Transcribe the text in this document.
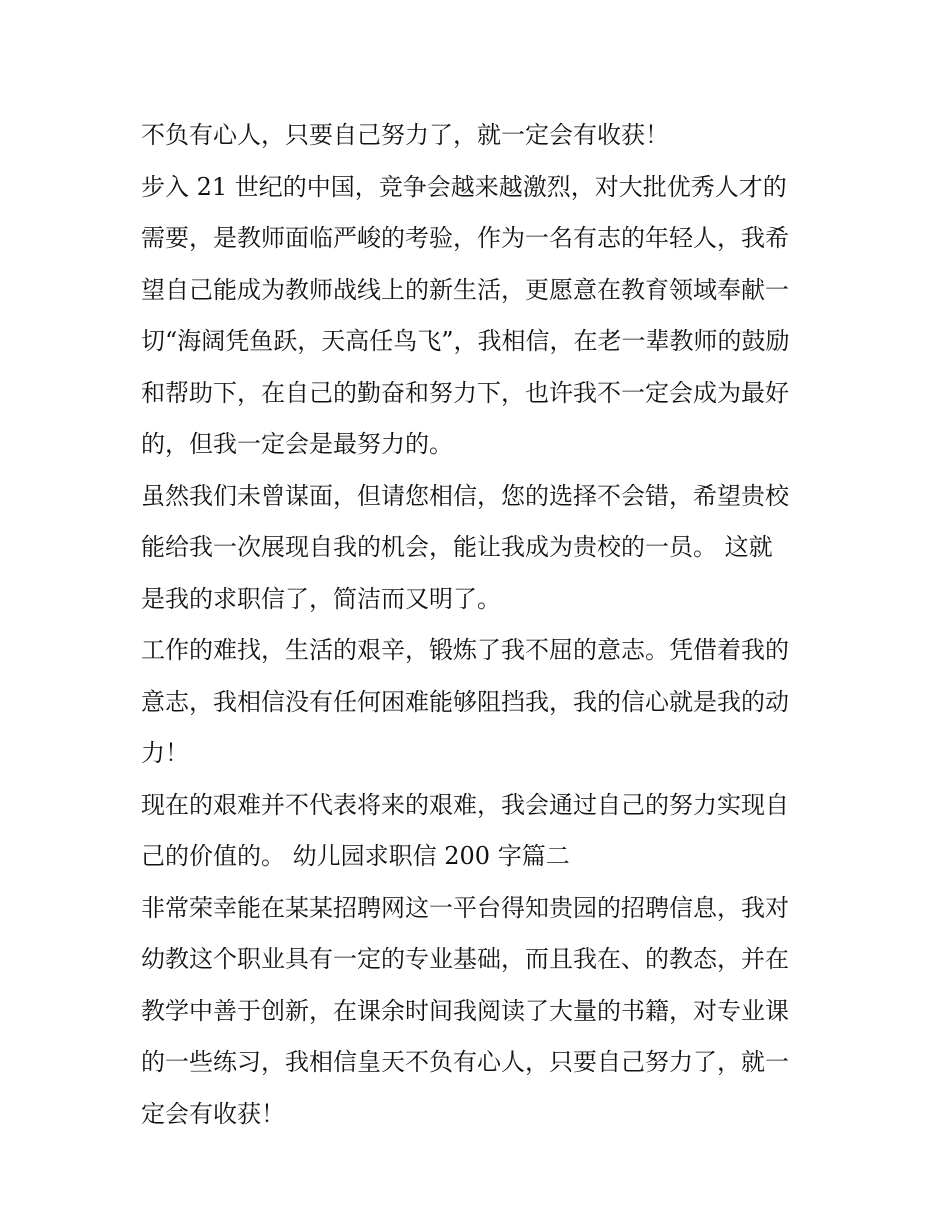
不负有心人，只要自己努力了，就一定会有收获！
步入 21 世纪的中国，竞争会越来越激烈，对大批优秀人才的
需要，是教师面临严峻的考验，作为一名有志的年轻人，我希
望自己能成为教师战线上的新生活，更愿意在教育领域奉献一
切“海阔凭鱼跃，天高任鸟飞”，我相信，在老一辈教师的鼓励
和帮助下，在自己的勤奋和努力下，也许我不一定会成为最好
的，但我一定会是最努力的。
虽然我们未曾谋面，但请您相信，您的选择不会错，希望贵校
能给我一次展现自我的机会，能让我成为贵校的一员。 这就
是我的求职信了，简洁而又明了。
工作的难找，生活的艰辛，锻炼了我不屈的意志。凭借着我的
意志，我相信没有任何困难能够阻挡我，我的信心就是我的动
力！
现在的艰难并不代表将来的艰难，我会通过自己的努力实现自
己的价值的。 幼儿园求职信 200 字篇二
非常荣幸能在某某招聘网这一平台得知贵园的招聘信息，我对
幼教这个职业具有一定的专业基础，而且我在、的教态，并在
教学中善于创新，在课余时间我阅读了大量的书籍，对专业课
的一些练习，我相信皇天不负有心人，只要自己努力了，就一
定会有收获！
